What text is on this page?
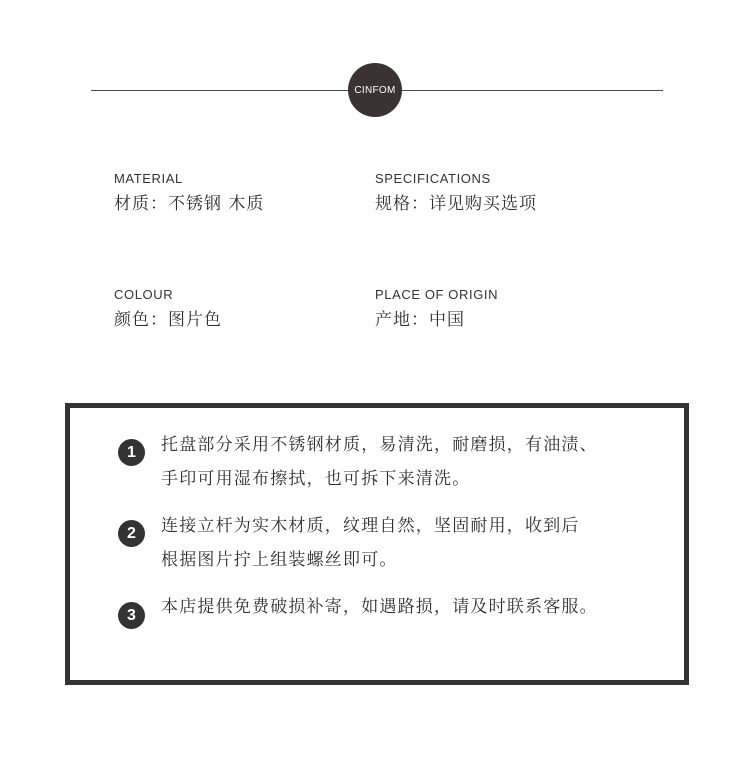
CINFOM
MATERIAL
材质：不锈钢 木质
SPECIFICATIONS
规格：详见购买选项
COLOUR
颜色：图片色
PLACE OF ORIGIN
产地：中国
1	托盘部分采用不锈钢材质，易清洗，耐磨损，有油渍、
手印可用湿布擦拭，也可拆下来清洗。
2	连接立杆为实木材质，纹理自然，坚固耐用，收到后
根据图片拧上组装螺丝即可。
3	本店提供免费破损补寄，如遇路损，请及时联系客服。
